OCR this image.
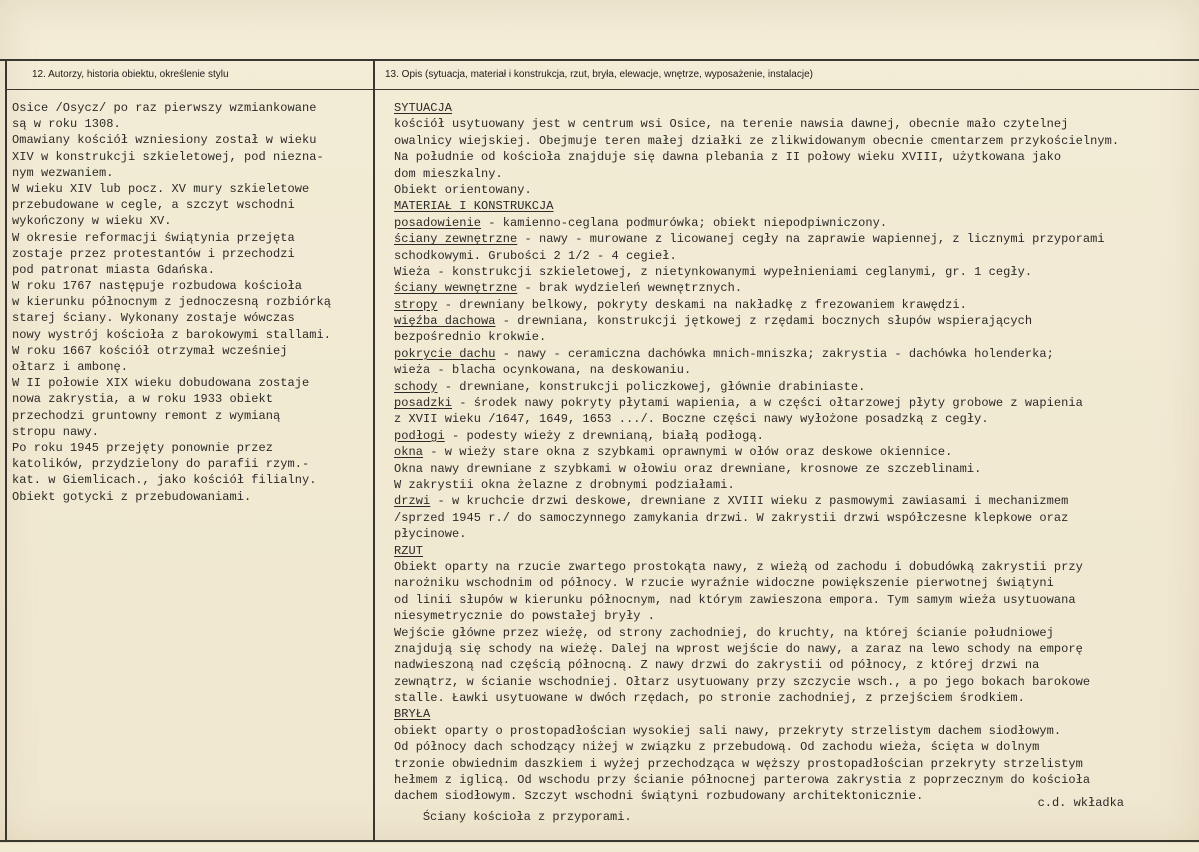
12. Autorzy, historia obiektu, określenie stylu	13. Opis (sytuacja, materiał i konstrukcja, rzut, bryła, elewacje, wnętrze, wyposażenie, instalacje)
Osice /Osycz/ po raz pierwszy wzmiankowane
są w roku 1308.
Omawiany kościół wzniesiony został w wieku
XIV w konstrukcji szkieletowej, pod niezna-
nym wezwaniem.
W wieku XIV lub pocz. XV mury szkieletowe
przebudowane w cegle, a szczyt wschodni
wykończony w wieku XV.
W okresie reformacji świątynia przejęta
zostaje przez protestantów i przechodzi
pod patronat miasta Gdańska.
W roku 1767 następuje rozbudowa kościoła
w kierunku północnym z jednoczesną rozbiórką
starej ściany. Wykonany zostaje wówczas
nowy wystrój kościoła z barokowymi stallami.
W roku 1667 kościół otrzymał wcześniej
ołtarz i ambonę.
W II połowie XIX wieku dobudowana zostaje
nowa zakrystia, a w roku 1933 obiekt
przechodzi gruntowny remont z wymianą
stropu nawy.
Po roku 1945 przejęty ponownie przez
katolików, przydzielony do parafii rzym.-
kat. w Giemlicach., jako kościół filialny.
Obiekt gotycki z przebudowaniami.
SYTUACJA
kościół usytuowany jest w centrum wsi Osice, na terenie nawsia dawnej, obecnie mało czytelnej
owalnicy wiejskiej. Obejmuje teren małej działki ze zlikwidowanym obecnie cmentarzem przykościelnym.
Na południe od kościoła znajduje się dawna plebania z II połowy wieku XVIII, użytkowana jako
dom mieszkalny.
Obiekt orientowany.
MATERIAŁ I KONSTRUKCJA
posadowienie - kamienno-ceglana podmurówka; obiekt niepodpiwniczony.
ściany zewnętrzne - nawy - murowane z licowanej cegły na zaprawie wapiennej, z licznymi przyporami
schodkowymi. Grubości 2 1/2 - 4 cegieł.
Wieża - konstrukcji szkieletowej, z nietynkowanymi wypełnieniami ceglanymi, gr. 1 cegły.
ściany wewnętrzne - brak wydzieleń wewnętrznych.
stropy - drewniany belkowy, pokryty deskami na nakładkę z frezowaniem krawędzi.
więźba dachowa - drewniana, konstrukcji jętkowej z rzędami bocznych słupów wspierających
bezpośrednio krokwie.
pokrycie dachu - nawy - ceramiczna dachówka mnich-mniszka; zakrystia - dachówka holenderka;
wieża - blacha ocynkowana, na deskowaniu.
schody - drewniane, konstrukcji policzkowej, głównie drabiniaste.
posadzki - środek nawy pokryty płytami wapienia, a w części ołtarzowej płyty grobowe z wapienia
z XVII wieku /1647, 1649, 1653 .../. Boczne części nawy wyłożone posadzką z cegły.
podłogi - podesty wieży z drewnianą, białą podłogą.
okna - w wieży stare okna z szybkami oprawnymi w ołów oraz deskowe okiennice.
Okna nawy drewniane z szybkami w ołowiu oraz drewniane, krosnowe ze szczeblinami.
W zakrystii okna żelazne z drobnymi podziałami.
drzwi - w kruchcie drzwi deskowe, drewniane z XVIII wieku z pasmowymi zawiasami i mechanizmem
/sprzed 1945 r./ do samoczynnego zamykania drzwi. W zakrystii drzwi współczesne klepkowe oraz
płycinowe.
RZUT
Obiekt oparty na rzucie zwartego prostokąta nawy, z wieżą od zachodu i dobudówką zakrystii przy
narożniku wschodnim od północy. W rzucie wyraźnie widoczne powiększenie pierwotnej świątyni
od linii słupów w kierunku północnym, nad którym zawieszona empora. Tym samym wieża usytuowana
niesymetrycznie do powstałej bryły .
Wejście główne przez wieżę, od strony zachodniej, do kruchty, na której ścianie południowej
znajdują się schody na wieżę. Dalej na wprost wejście do nawy, a zaraz na lewo schody na emporę
nadwieszoną nad częścią północną. Z nawy drzwi do zakrystii od północy, z której drzwi na
zewnątrz, w ścianie wschodniej. Ołtarz usytuowany przy szczycie wsch., a po jego bokach barokowe
stalle. Ławki usytuowane w dwóch rzędach, po stronie zachodniej, z przejściem środkiem.
BRYŁA
obiekt oparty o prostopadłościan wysokiej sali nawy, przekryty strzelistym dachem siodłowym.
Od północy dach schodzący niżej w związku z przebudową. Od zachodu wieża, ścięta w dolnym
trzonie obwiednim daszkiem i wyżej przechodząca w węższy prostopadłościan przekryty strzelistym
hełmem z iglicą. Od wschodu przy ścianie północnej parterowa zakrystia z poprzecznym do kościoła
dachem siodłowym. Szczyt wschodni świątyni rozbudowany architektonicznie.

Ściany kościoła z przyporami.

c.d. wkładka
